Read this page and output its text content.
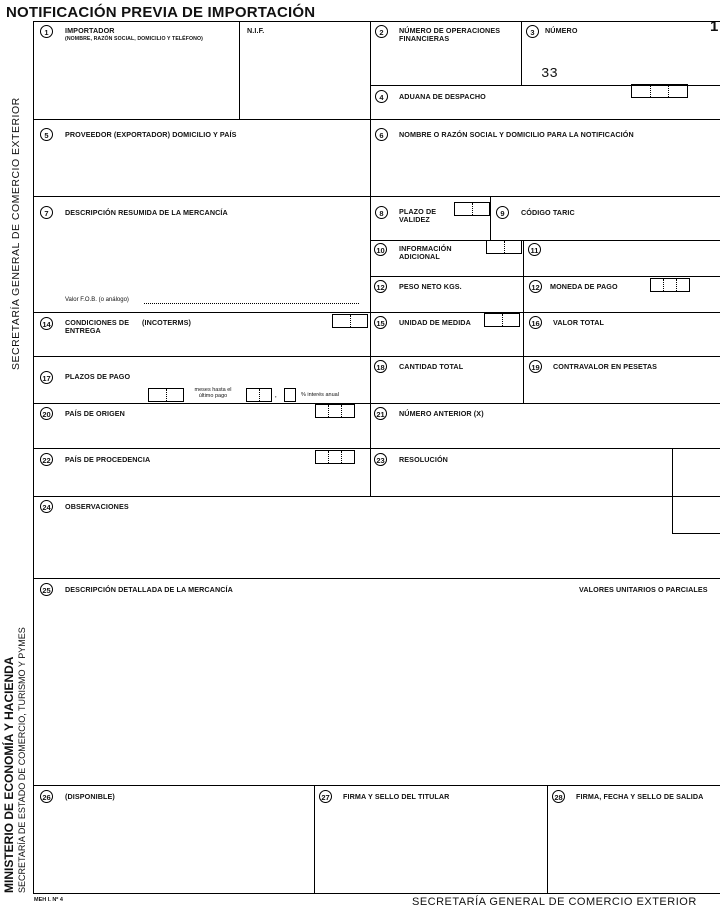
NOTIFICACIÓN PREVIA DE IMPORTACIÓN
1
SECRETARÍA GENERAL DE COMERCIO EXTERIOR
MINISTERIO DE ECONOMÍA Y HACIENDA SECRETARÍA DE ESTADO DE COMERCIO, TURISMO Y PYMES
1	IMPORTADOR
(NOMBRE, RAZÓN SOCIAL, DOMICILIO Y TELÉFONO)
N.I.F.	2	NÚMERO DE OPERACIONES FINANCIERAS
3	NÚMERO
33
4	ADUANA DE DESPACHO
5	PROVEEDOR (EXPORTADOR) DOMICILIO Y PAÍS	6	NOMBRE O RAZÓN SOCIAL Y DOMICILIO PARA LA NOTIFICACIÓN
7	DESCRIPCIÓN RESUMIDA DE LA MERCANCÍA
Valor F.O.B. (o análogo)
8	PLAZO DE VALIDEZ
9	CÓDIGO TARIC
10	INFORMACIÓN ADICIONAL
11
12	PESO NETO KGS.	12	MONEDA DE PAGO
14	CONDICIONES DE ENTREGA
(INCOTERMS)	15	UNIDAD DE MEDIDA	16	VALOR TOTAL
17	PLAZOS DE PAGO
meses hasta el último pago	,	% interés anual
18	CANTIDAD TOTAL	19	CONTRAVALOR EN PESETAS
20	PAÍS DE ORIGEN	21	NÚMERO ANTERIOR (X)
22	PAÍS DE PROCEDENCIA	23	RESOLUCIÓN
24	OBSERVACIONES
25	DESCRIPCIÓN DETALLADA DE LA MERCANCÍA	VALORES UNITARIOS O PARCIALES
26	(DISPONIBLE)	27	FIRMA Y SELLO DEL TITULAR	28	FIRMA, FECHA Y SELLO DE SALIDA
MEH I. Nº 4	SECRETARÍA GENERAL DE COMERCIO EXTERIOR
